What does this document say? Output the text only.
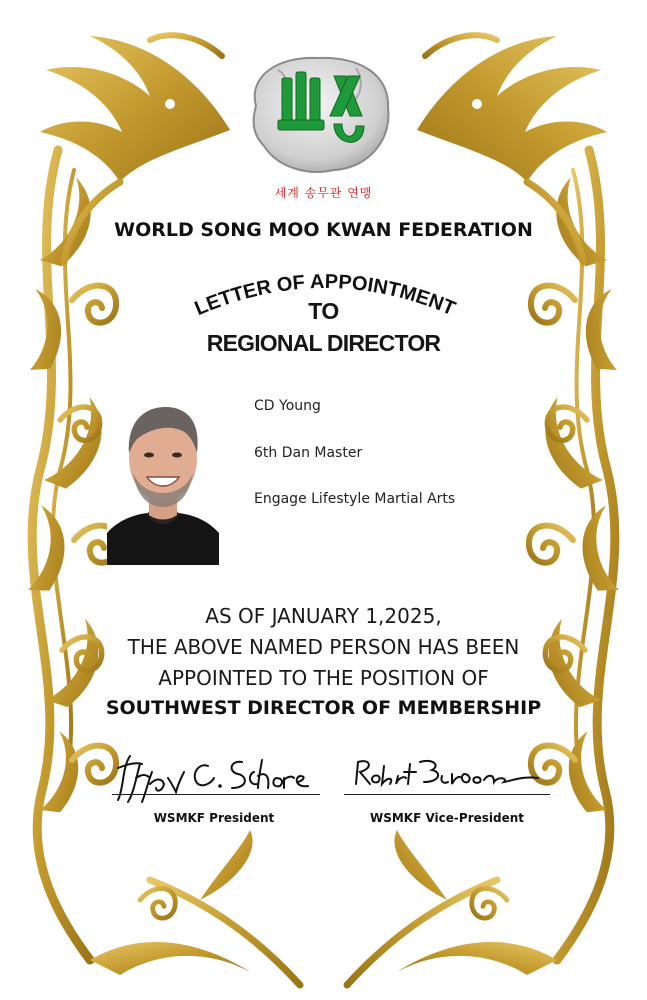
세계 송무관 연맹
WORLD SONG MOO KWAN FEDERATION
LETTER OF APPOINTMENT
TO
REGIONAL DIRECTOR
CD Young
6th Dan Master
Engage Lifestyle Martial Arts
AS OF JANUARY 1,2025,
THE ABOVE NAMED PERSON HAS BEEN
APPOINTED TO THE POSITION OF
SOUTHWEST DIRECTOR OF MEMBERSHIP
WSMKF President	WSMKF Vice-President
